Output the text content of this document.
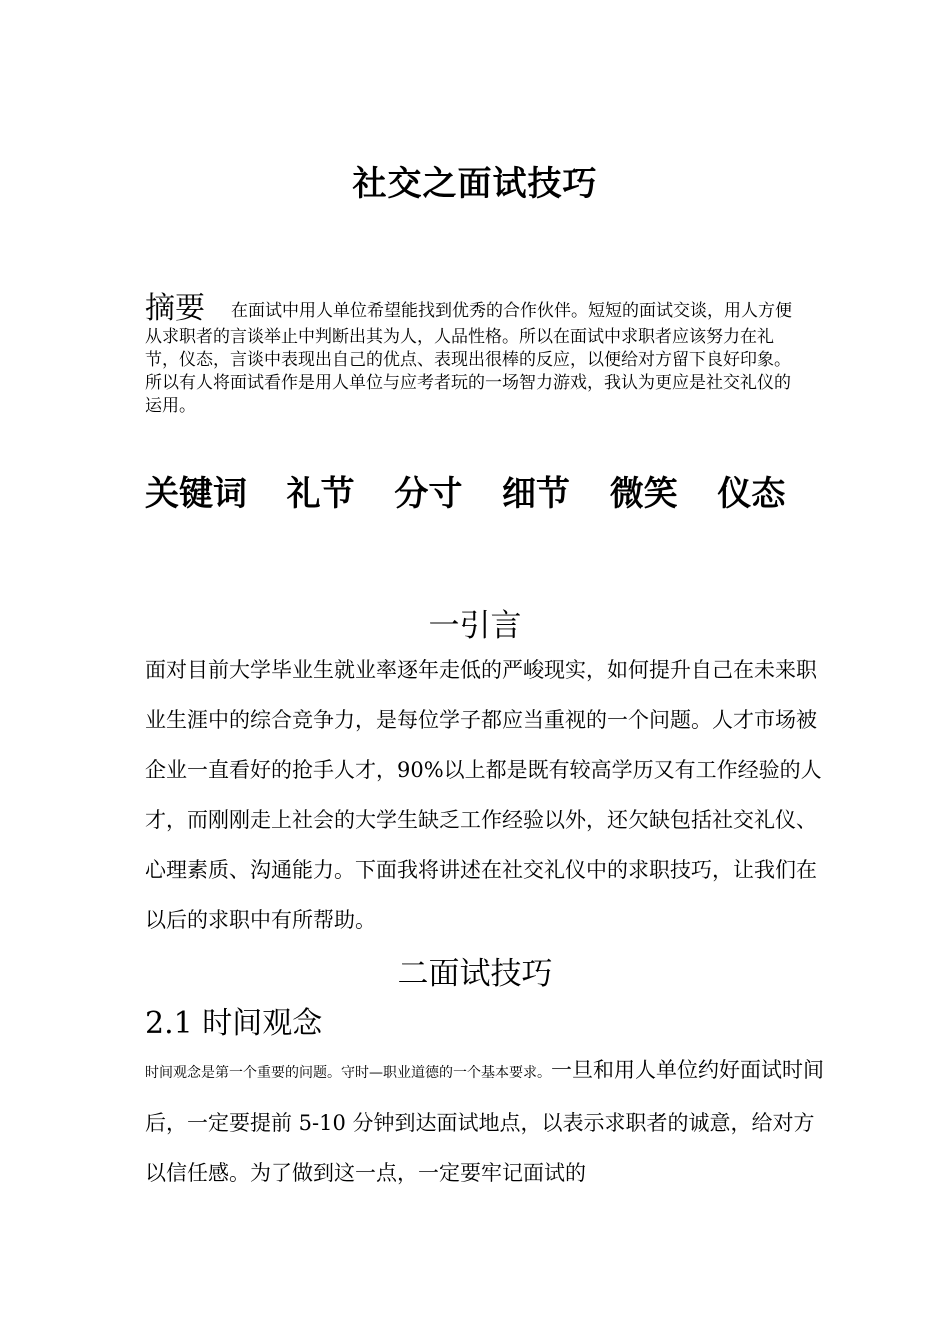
社交之面试技巧
摘要 在面试中用人单位希望能找到优秀的合作伙伴。短短的面试交谈，用人方便从求职者的言谈举止中判断出其为人，人品性格。所以在面试中求职者应该努力在礼节，仪态，言谈中表现出自己的优点、表现出很棒的反应，以便给对方留下良好印象。所以有人将面试看作是用人单位与应考者玩的一场智力游戏，我认为更应是社交礼仪的运用。
关键词  礼节  分寸  细节  微笑  仪态
一引言
面对目前大学毕业生就业率逐年走低的严峻现实，如何提升自己在未来职业生涯中的综合竞争力，是每位学子都应当重视的一个问题。人才市场被企业一直看好的抢手人才，90%以上都是既有较高学历又有工作经验的人才，而刚刚走上社会的大学生缺乏工作经验以外，还欠缺包括社交礼仪、心理素质、沟通能力。下面我将讲述在社交礼仪中的求职技巧，让我们在以后的求职中有所帮助。
二面试技巧
2.1 时间观念
时间观念是第一个重要的问题。守时—职业道德的一个基本要求。一旦和用人单位约好面试时间后，一定要提前 5-10 分钟到达面试地点，以表示求职者的诚意，给对方以信任感。为了做到这一点，一定要牢记面试的
